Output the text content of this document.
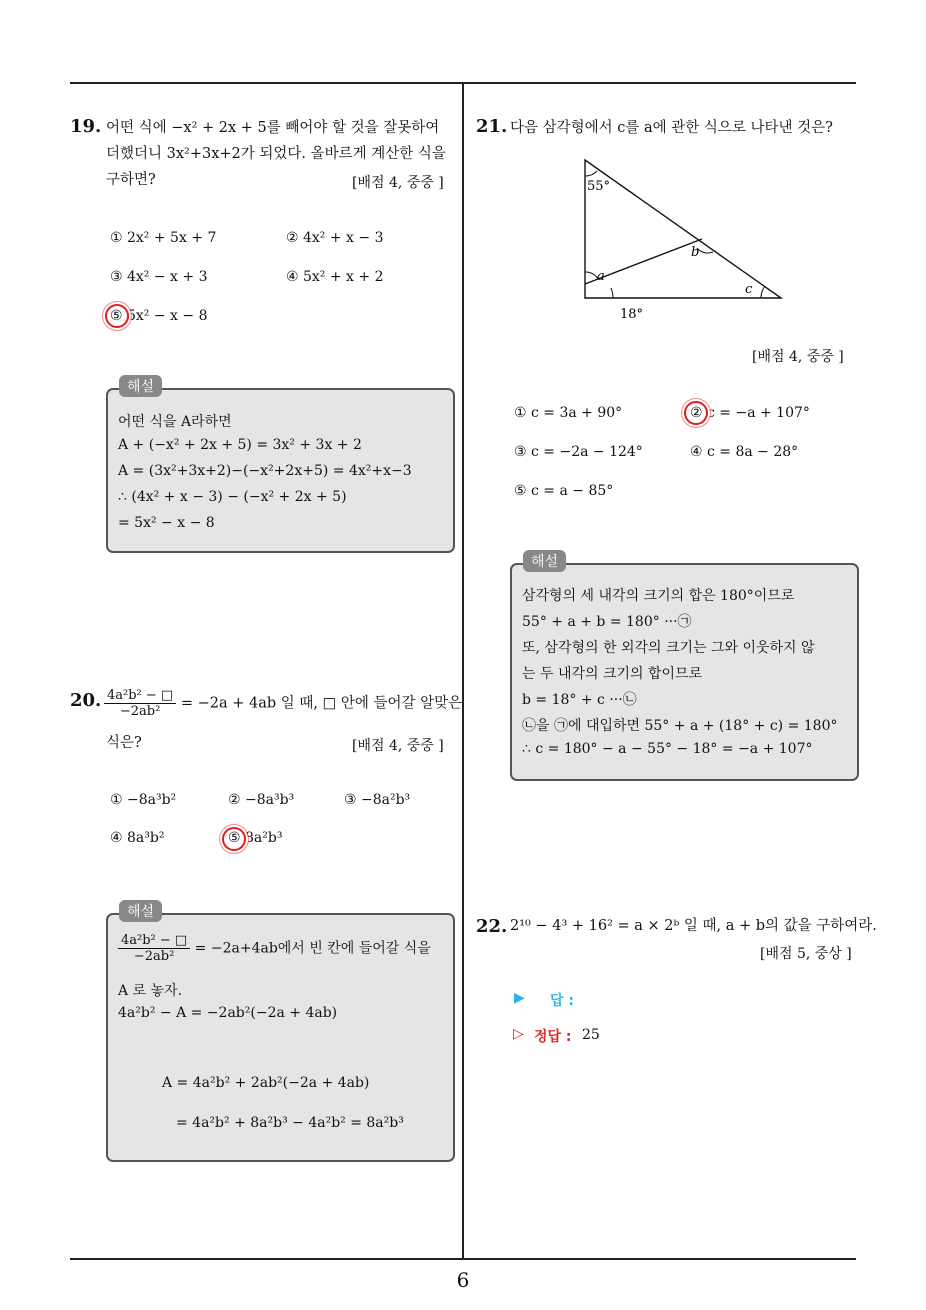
6
19. 어떤 식에 −x² + 2x + 5를 빼어야 할 것을 잘못하여
더했더니 3x²+3x+2가 되었다. 올바르게 계산한 식을
구하면?	[배점 4, 중중 ]
① 2x² + 5x + 7	② 4x² + x − 3
③ 4x² − x + 3	④ 5x² + x + 2
⑤ 5x² − x − 8
해설
어떤 식을 A라하면
A + (−x² + 2x + 5) = 3x² + 3x + 2
A = (3x²+3x+2)−(−x²+2x+5) = 4x²+x−3
∴ (4x² + x − 3) − (−x² + 2x + 5)
= 5x² − x − 8
20. $\frac{\text{4a²b² − □}}{\text{−2ab²}} = -2a + 4ab$ 일 때, □ 안에 들어갈 알맞은
식은?	[배점 4, 중중 ]
① −8a³b²	② −8a³b³	③ −8a²b³
④ 8a³b²	⑤ 8a²b³
해설
$\frac{\text{4a²b² − □}}{\text{−2ab²}} = -2a+4ab$에서 빈 칸에 들어갈 식을
A 로 놓자.
4a²b² − A = −2ab²(−2a + 4ab)
A = 4a²b² + 2ab²(−2a + 4ab)
= 4a²b² + 8a²b³ − 4a²b² = 8a²b³
21. 다음 삼각형에서 c를 a에 관한 식으로 나타낸 것은?
55°
a
b
c
18°
[배점 4, 중중 ]
① c = 3a + 90°	② c = −a + 107°
③ c = −2a − 124°	④ c = 8a − 28°
⑤ c = a − 85°
해설
삼각형의 세 내각의 크기의 합은 180°이므로
55° + a + b = 180° ···㉠
또, 삼각형의 한 외각의 크기는 그와 이웃하지 않
는 두 내각의 크기의 합이므로
b = 18° + c ···㉡
㉡을 ㉠에 대입하면 55° + a + (18° + c) = 180°
∴ c = 180° − a − 55° − 18° = −a + 107°
22. 2¹⁰ − 4³ + 16² = a × 2ᵇ 일 때, a + b의 값을 구하여라.
[배점 5, 중상 ]
▶ 답 :
▷ 정답 : 25
